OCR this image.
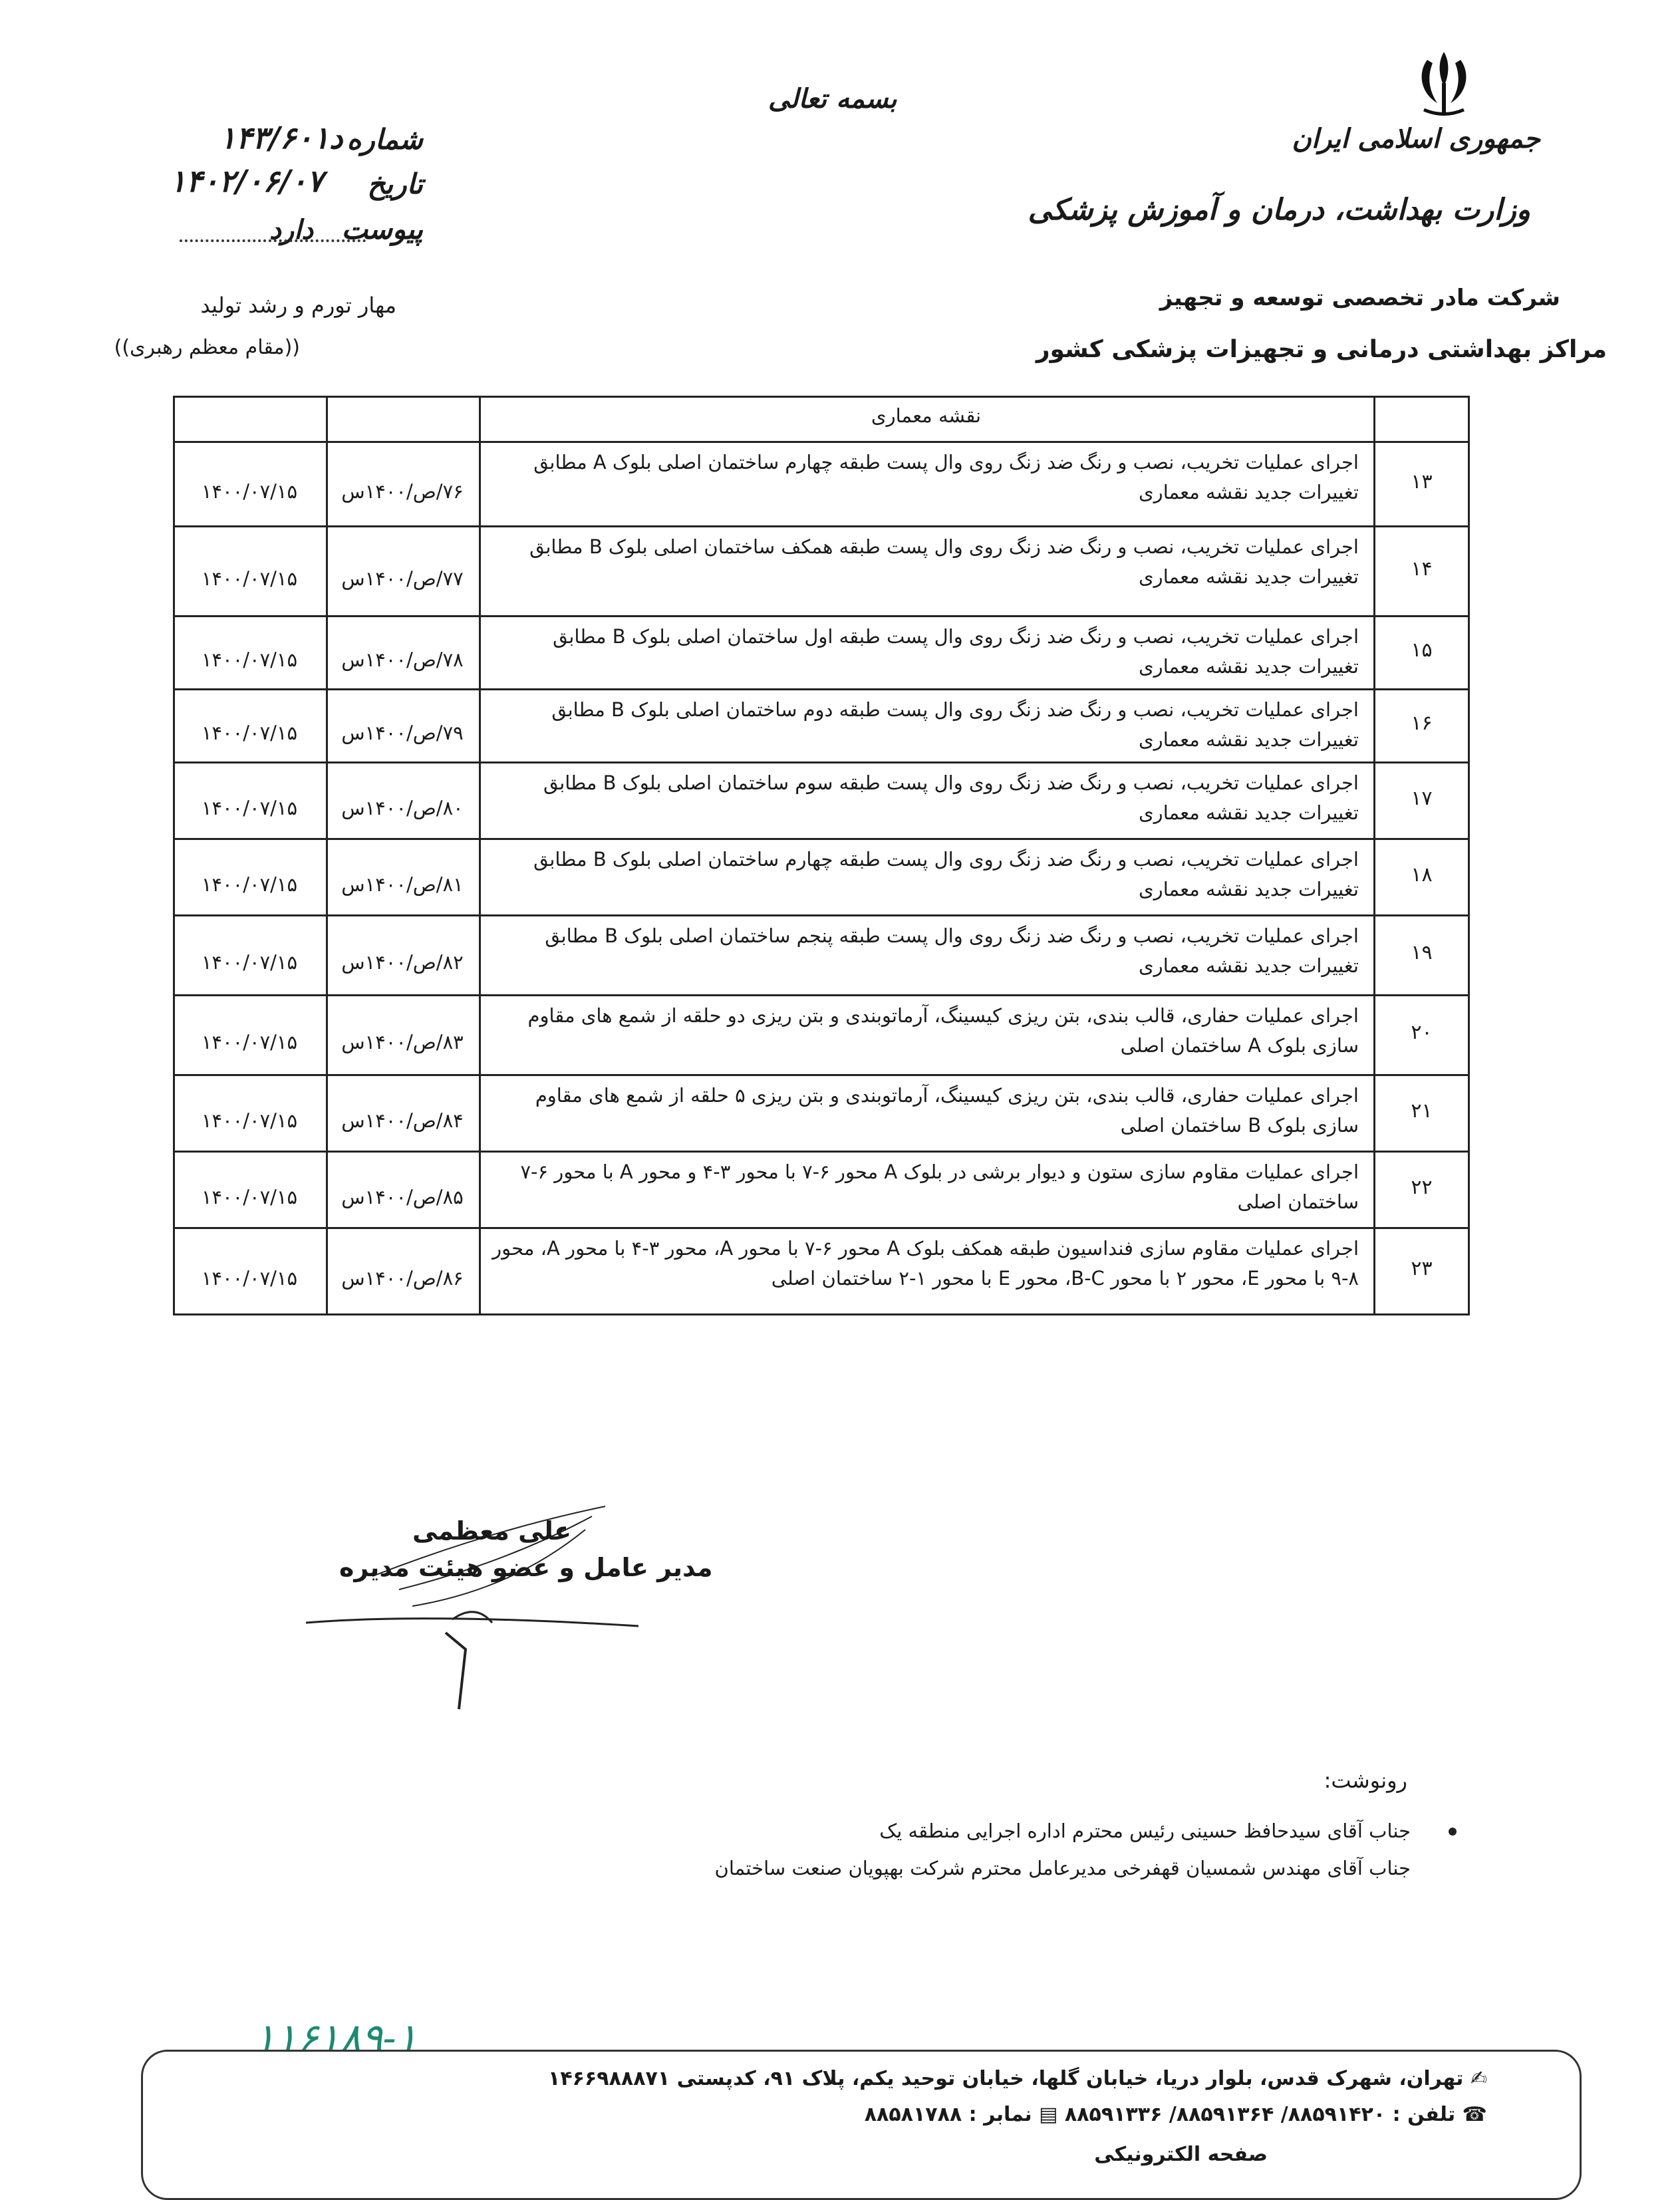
جمهوری اسلامی ایران
وزارت بهداشت، درمان و آموزش پزشکی
شرکت مادر تخصصی توسعه و تجهیز
مراکز بهداشتی درمانی و تجهیزات پزشکی کشور
بسمه تعالی
شماره
۱۴۳/۶۰۱د
تاریخ
۱۴۰۲/۰۶/۰۷
پیوست
دارد
مهار تورم و رشد تولید
((مقام معظم رهبری))
نقشه معماری
۱۳
اجرای عملیات تخریب، نصب و رنگ ضد زنگ روی وال پست طبقه چهارم ساختمان اصلی بلوک A مطابق تغییرات جدید نقشه معماری
۷۶/ص/۱۴۰۰س
۱۴۰۰/۰۷/۱۵
۱۴
اجرای عملیات تخریب، نصب و رنگ ضد زنگ روی وال پست طبقه همکف ساختمان اصلی بلوک B مطابق تغییرات جدید نقشه معماری
۷۷/ص/۱۴۰۰س
۱۴۰۰/۰۷/۱۵
۱۵
اجرای عملیات تخریب، نصب و رنگ ضد زنگ روی وال پست طبقه اول ساختمان اصلی بلوک B مطابق تغییرات جدید نقشه معماری
۷۸/ص/۱۴۰۰س
۱۴۰۰/۰۷/۱۵
۱۶
اجرای عملیات تخریب، نصب و رنگ ضد زنگ روی وال پست طبقه دوم ساختمان اصلی بلوک B مطابق تغییرات جدید نقشه معماری
۷۹/ص/۱۴۰۰س
۱۴۰۰/۰۷/۱۵
۱۷
اجرای عملیات تخریب، نصب و رنگ ضد زنگ روی وال پست طبقه سوم ساختمان اصلی بلوک B مطابق تغییرات جدید نقشه معماری
۸۰/ص/۱۴۰۰س
۱۴۰۰/۰۷/۱۵
۱۸
اجرای عملیات تخریب، نصب و رنگ ضد زنگ روی وال پست طبقه چهارم ساختمان اصلی بلوک B مطابق تغییرات جدید نقشه معماری
۸۱/ص/۱۴۰۰س
۱۴۰۰/۰۷/۱۵
۱۹
اجرای عملیات تخریب، نصب و رنگ ضد زنگ روی وال پست طبقه پنجم ساختمان اصلی بلوک B مطابق تغییرات جدید نقشه معماری
۸۲/ص/۱۴۰۰س
۱۴۰۰/۰۷/۱۵
۲۰
اجرای عملیات حفاری، قالب بندی، بتن ریزی کیسینگ، آرماتوبندی و بتن ریزی دو حلقه از شمع های مقاوم سازی بلوک A ساختمان اصلی
۸۳/ص/۱۴۰۰س
۱۴۰۰/۰۷/۱۵
۲۱
اجرای عملیات حفاری، قالب بندی، بتن ریزی کیسینگ، آرماتوبندی و بتن ریزی ۵ حلقه از شمع های مقاوم سازی بلوک B ساختمان اصلی
۸۴/ص/۱۴۰۰س
۱۴۰۰/۰۷/۱۵
۲۲
اجرای عملیات مقاوم سازی ستون و دیوار برشی در بلوک A محور ۶-۷ با محور ۳-۴ و محور A با محور ۶-۷ ساختمان اصلی
۸۵/ص/۱۴۰۰س
۱۴۰۰/۰۷/۱۵
۲۳
اجرای عملیات مقاوم سازی فنداسیون طبقه همکف بلوک A محور ۶-۷ با محور A، محور ۳-۴ با محور A، محور ۸-۹ با محور E، محور ۲ با محور B-C، محور E با محور ۱-۲ ساختمان اصلی
۸۶/ص/۱۴۰۰س
۱۴۰۰/۰۷/۱۵
علی معظمی
مدیر عامل و عضو هیئت مدیره
رونوشت:
جناب آقای سیدحافظ حسینی رئیس محترم اداره اجرایی منطقه یک
جناب آقای مهندس شمسیان قهفرخی مدیرعامل محترم شرکت بهپویان صنعت ساختمان
۱۱۶۱۸۹-۱
✍ تهران، شهرک قدس، بلوار دریا، خیابان گلها، خیابان توحید یکم، پلاک ۹۱، کدپستی ۱۴۶۶۹۸۸۸۷۱
☎ تلفن : ۸۸۵۹۱۴۲۰/ ۸۸۵۹۱۳۶۴/ ۸۸۵۹۱۳۳۶ ▤ نمابر : ۸۸۵۸۱۷۸۸
صفحه الکترونیکی
